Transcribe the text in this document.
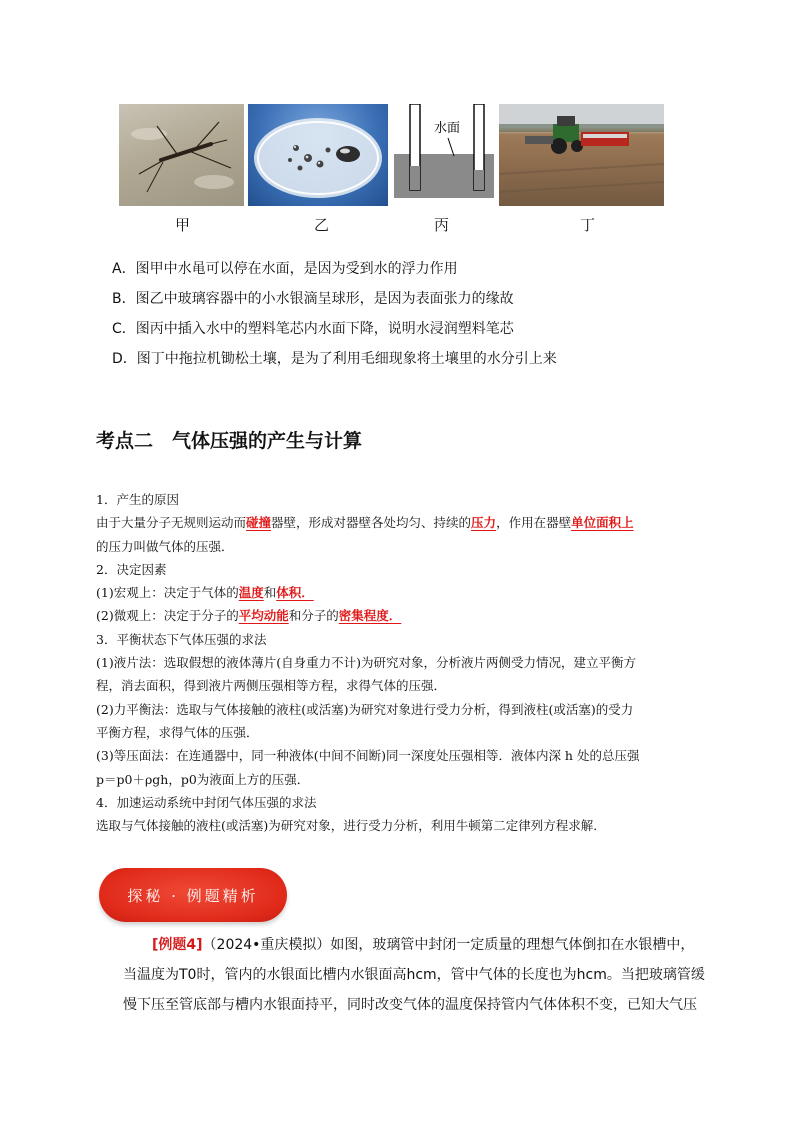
水面
甲	乙	丙	丁
A．图甲中水黾可以停在水面，是因为受到水的浮力作用
B．图乙中玻璃容器中的小水银滴呈球形，是因为表面张力的缘故
C．图丙中插入水中的塑料笔芯内水面下降，说明水浸润塑料笔芯
D．图丁中拖拉机锄松土壤，是为了利用毛细现象将土壤里的水分引上来
考点二　气体压强的产生与计算
1．产生的原因
由于大量分子无规则运动而碰撞器壁，形成对器壁各处均匀、持续的压力，作用在器壁单位面积上
的压力叫做气体的压强．
2．决定因素
(1)宏观上：决定于气体的温度和体积．
(2)微观上：决定于分子的平均动能和分子的密集程度．
3．平衡状态下气体压强的求法
(1)液片法：选取假想的液体薄片(自身重力不计)为研究对象，分析液片两侧受力情况，建立平衡方
程，消去面积，得到液片两侧压强相等方程，求得气体的压强．
(2)力平衡法：选取与气体接触的液柱(或活塞)为研究对象进行受力分析，得到液柱(或活塞)的受力
平衡方程，求得气体的压强．
(3)等压面法：在连通器中，同一种液体(中间不间断)同一深度处压强相等．液体内深 h 处的总压强
p＝p0＋ρgh，p0为液面上方的压强．
4．加速运动系统中封闭气体压强的求法
选取与气体接触的液柱(或活塞)为研究对象，进行受力分析，利用牛顿第二定律列方程求解．
探秘 · 例题精析
[例题4]（2024•重庆模拟）如图，玻璃管中封闭一定质量的理想气体倒扣在水银槽中，
当温度为T0时，管内的水银面比槽内水银面高hcm，管中气体的长度也为hcm。当把玻璃管缓
慢下压至管底部与槽内水银面持平，同时改变气体的温度保持管内气体体积不变，已知大气压
